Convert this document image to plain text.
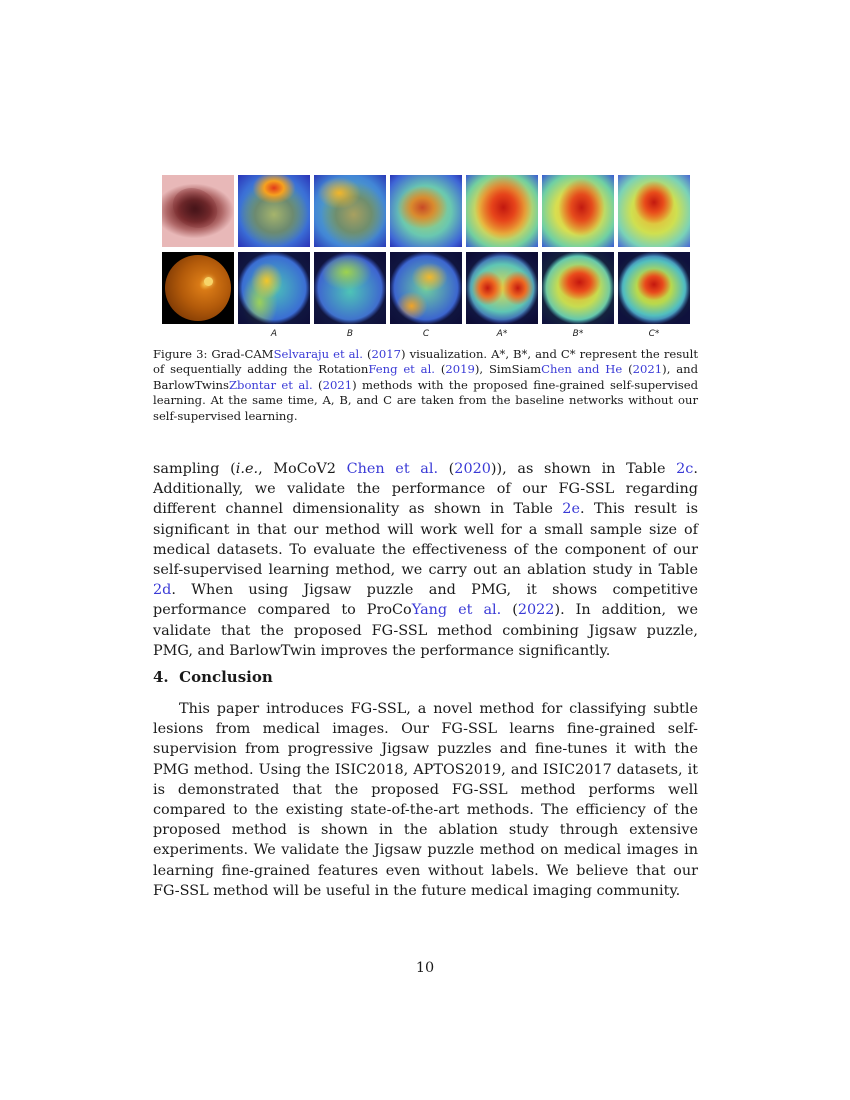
A	B	C	A*	B*	C*
Figure 3: Grad-CAMSelvaraju et al. (2017) visualization. A*, B*, and C* represent the result of sequentially adding the RotationFeng et al. (2019), SimSiamChen and He (2021), and BarlowTwinsZbontar et al. (2021) methods with the proposed fine-grained self-supervised learning. At the same time, A, B, and C are taken from the baseline networks without our self-supervised learning.
sampling (i.e., MoCoV2 Chen et al. (2020)), as shown in Table 2c. Additionally, we validate the performance of our FG-SSL regarding different channel dimensionality as shown in Table 2e. This result is significant in that our method will work well for a small sample size of medical datasets. To evaluate the effectiveness of the component of our self-supervised learning method, we carry out an ablation study in Table 2d. When using Jigsaw puzzle and PMG, it shows competitive performance compared to ProCoYang et al. (2022). In addition, we validate that the proposed FG-SSL method combining Jigsaw puzzle, PMG, and BarlowTwin improves the performance significantly.
4. Conclusion
This paper introduces FG-SSL, a novel method for classifying subtle lesions from medical images. Our FG-SSL learns fine-grained self-supervision from progressive Jigsaw puzzles and fine-tunes it with the PMG method. Using the ISIC2018, APTOS2019, and ISIC2017 datasets, it is demonstrated that the proposed FG-SSL method performs well compared to the existing state-of-the-art methods. The efficiency of the proposed method is shown in the ablation study through extensive experiments. We validate the Jigsaw puzzle method on medical images in learning fine-grained features even without labels. We believe that our FG-SSL method will be useful in the future medical imaging community.
10
